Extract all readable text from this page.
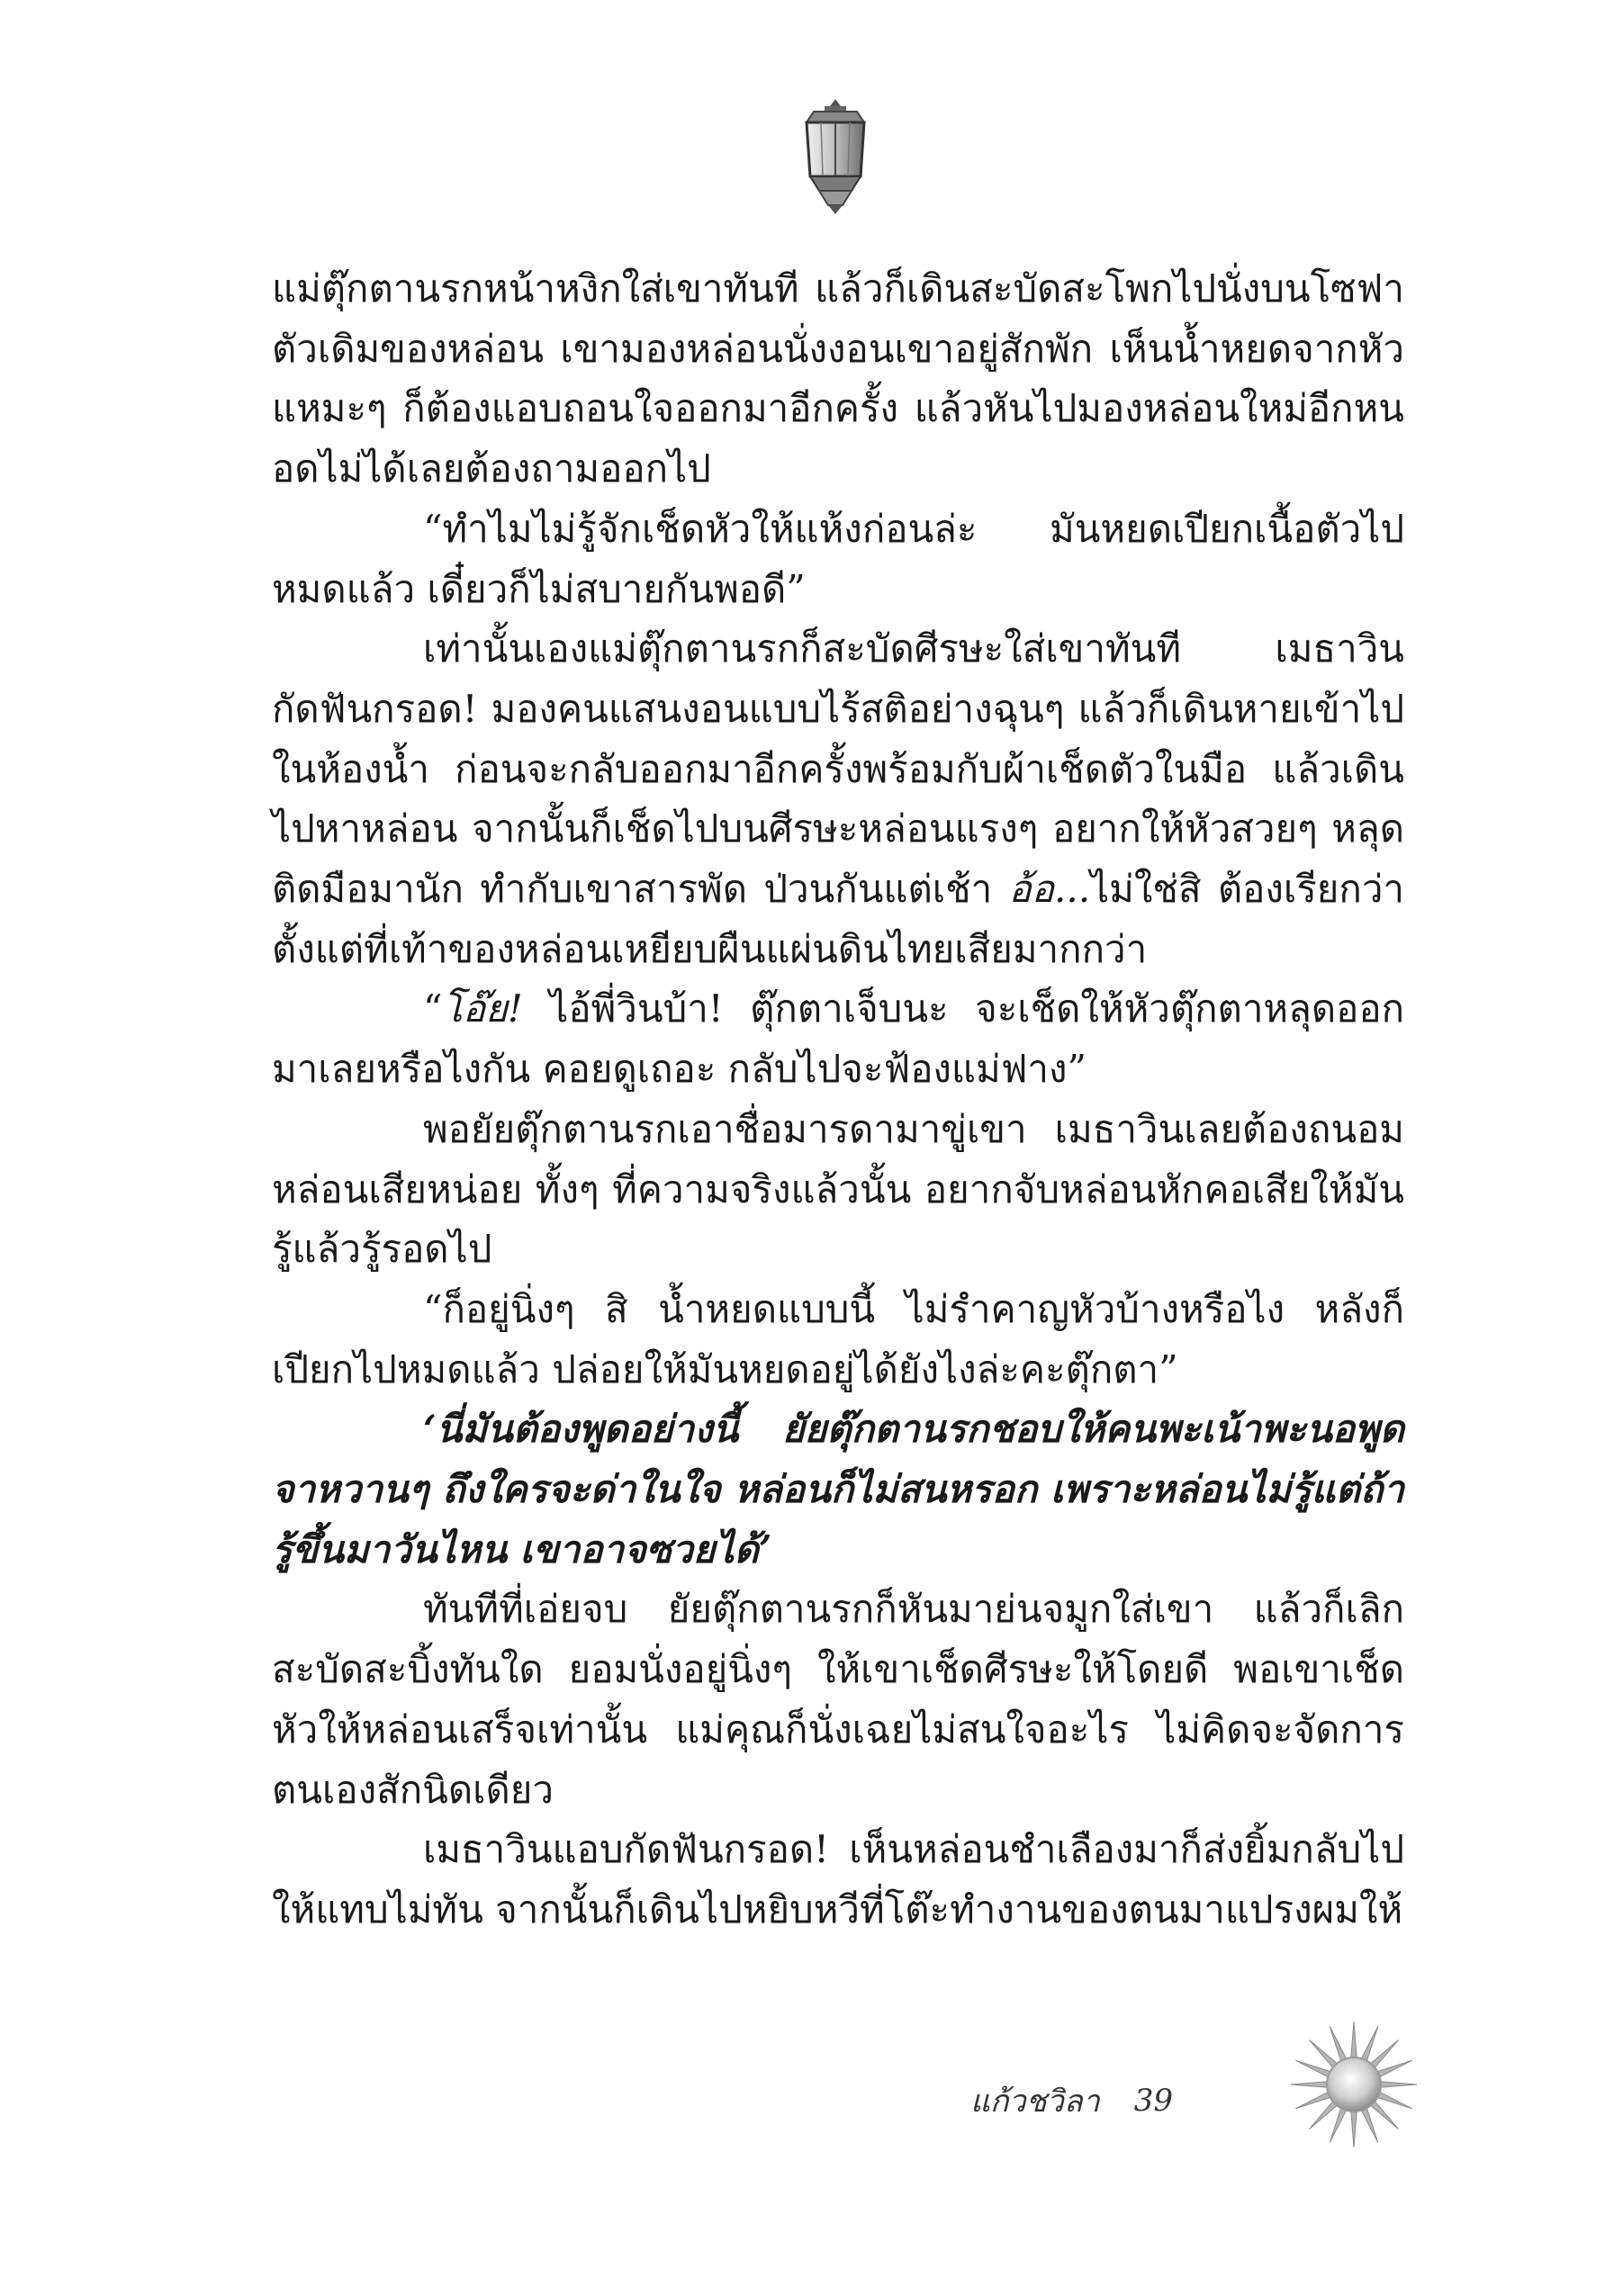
แม่ตุ๊กตานรกหน้าหงิกใส่เขาทันที แล้วก็เดินสะบัดสะโพกไปนั่งบนโซฟาตัวเดิมของหล่อน เขามองหล่อนนั่งงอนเขาอยู่สักพัก เห็นน้ำหยดจากหัวแหมะๆ ก็ต้องแอบถอนใจออกมาอีกครั้ง แล้วหันไปมองหล่อนใหม่อีกหนอดไม่ได้เลยต้องถามออกไป

“ทำไมไม่รู้จักเช็ดหัวให้แห้งก่อนล่ะ มันหยดเปียกเนื้อตัวไปหมดแล้ว เดี๋ยวก็ไม่สบายกันพอดี”

เท่านั้นเองแม่ตุ๊กตานรกก็สะบัดศีรษะใส่เขาทันที เมธาวินกัดฟันกรอด! มองคนแสนงอนแบบไร้สติอย่างฉุนๆ แล้วก็เดินหายเข้าไปในห้องน้ำ ก่อนจะกลับออกมาอีกครั้งพร้อมกับผ้าเช็ดตัวในมือ แล้วเดินไปหาหล่อน จากนั้นก็เช็ดไปบนศีรษะหล่อนแรงๆ อยากให้หัวสวยๆ หลุดติดมือมานัก ทำกับเขาสารพัด ป่วนกันแต่เช้า อ้อ...ไม่ใช่สิ ต้องเรียกว่าตั้งแต่ที่เท้าของหล่อนเหยียบผืนแผ่นดินไทยเสียมากกว่า

“โอ๊ย! ไอ้พี่วินบ้า! ตุ๊กตาเจ็บนะ จะเช็ดให้หัวตุ๊กตาหลุดออกมาเลยหรือไงกัน คอยดูเถอะ กลับไปจะฟ้องแม่ฟาง”

พอยัยตุ๊กตานรกเอาชื่อมารดามาขู่เขา เมธาวินเลยต้องถนอมหล่อนเสียหน่อย ทั้งๆ ที่ความจริงแล้วนั้น อยากจับหล่อนหักคอเสียให้มันรู้แล้วรู้รอดไป

“ก็อยู่นิ่งๆ สิ น้ำหยดแบบนี้ ไม่รำคาญหัวบ้างหรือไง หลังก็เปียกไปหมดแล้ว ปล่อยให้มันหยดอยู่ได้ยังไงล่ะคะตุ๊กตา”

‘นี่มันต้องพูดอย่างนี้ ยัยตุ๊กตานรกชอบให้คนพะเน้าพะนอพูดจาหวานๆ ถึงใครจะด่าในใจ หล่อนก็ไม่สนหรอก เพราะหล่อนไม่รู้แต่ถ้ารู้ขึ้นมาวันไหน เขาอาจซวยได้’

ทันทีที่เอ่ยจบ ยัยตุ๊กตานรกก็หันมาย่นจมูกใส่เขา แล้วก็เลิกสะบัดสะบิ้งทันใด ยอมนั่งอยู่นิ่งๆ ให้เขาเช็ดศีรษะให้โดยดี พอเขาเช็ดหัวให้หล่อนเสร็จเท่านั้น แม่คุณก็นั่งเฉยไม่สนใจอะไร ไม่คิดจะจัดการตนเองสักนิดเดียว

เมธาวินแอบกัดฟันกรอด! เห็นหล่อนชำเลืองมาก็ส่งยิ้มกลับไปให้แทบไม่ทัน จากนั้นก็เดินไปหยิบหวีที่โต๊ะทำงานของตนมาแปรงผมให้

แก้วชวิลา 39
